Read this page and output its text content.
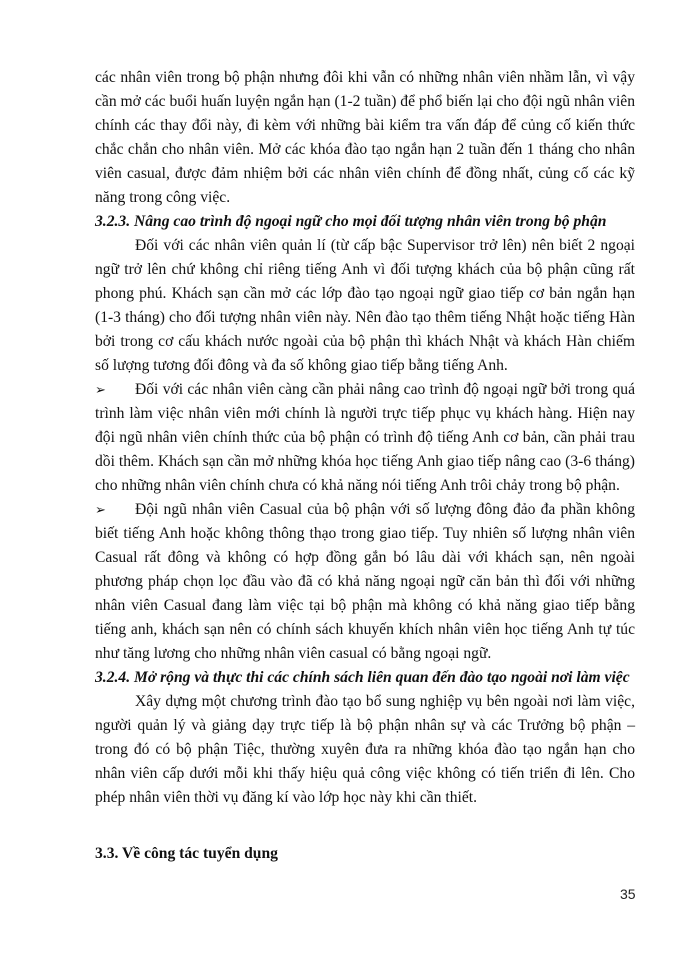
các nhân viên trong bộ phận nhưng đôi khi vẫn có những nhân viên nhầm lẫn, vì vậy cần mở các buổi huấn luyện ngắn hạn (1-2 tuần) để phổ biến lại cho đội ngũ nhân viên chính các thay đổi này, đi kèm với những bài kiểm tra vấn đáp để củng cố kiến thức chắc chắn cho nhân viên. Mở các khóa đào tạo ngắn hạn 2 tuần đến 1 tháng cho nhân viên casual, được đảm nhiệm bởi các nhân viên chính để đồng nhất, củng cố các kỹ năng trong công việc.

3.2.3. Nâng cao trình độ ngoại ngữ cho mọi đối tượng nhân viên trong bộ phận

Đối với các nhân viên quản lí (từ cấp bậc Supervisor trở lên) nên biết 2 ngoại ngữ trở lên chứ không chỉ riêng tiếng Anh vì đối tượng khách của bộ phận cũng rất phong phú. Khách sạn cần mở các lớp đào tạo ngoại ngữ giao tiếp cơ bản ngắn hạn (1-3 tháng) cho đối tượng nhân viên này. Nên đào tạo thêm tiếng Nhật hoặc tiếng Hàn bởi trong cơ cấu khách nước ngoài của bộ phận thì khách Nhật và khách Hàn chiếm số lượng tương đối đông và đa số không giao tiếp bằng tiếng Anh.

➢	Đối với các nhân viên càng cần phải nâng cao trình độ ngoại ngữ bởi trong quá trình làm việc nhân viên mới chính là người trực tiếp phục vụ khách hàng. Hiện nay đội ngũ nhân viên chính thức của bộ phận có trình độ tiếng Anh cơ bản, cần phải trau dồi thêm. Khách sạn cần mở những khóa học tiếng Anh giao tiếp nâng cao (3-6 tháng) cho những nhân viên chính chưa có khả năng nói tiếng Anh trôi chảy trong bộ phận.
➢	Đội ngũ nhân viên Casual của bộ phận với số lượng đông đảo đa phần không biết tiếng Anh hoặc không thông thạo trong giao tiếp. Tuy nhiên số lượng nhân viên Casual rất đông và không có hợp đồng gắn bó lâu dài với khách sạn, nên ngoài phương pháp chọn lọc đầu vào đã có khả năng ngoại ngữ căn bản thì đối với những nhân viên Casual đang làm việc tại bộ phận mà không có khả năng giao tiếp bằng tiếng anh, khách sạn nên có chính sách khuyến khích nhân viên học tiếng Anh tự túc như tăng lương cho những nhân viên casual có bằng ngoại ngữ.

3.2.4. Mở rộng và thực thi các chính sách liên quan đến đào tạo ngoài nơi làm việc

Xây dựng một chương trình đào tạo bổ sung nghiệp vụ bên ngoài nơi làm việc, người quản lý và giảng dạy trực tiếp là bộ phận nhân sự và các Trưởng bộ phận – trong đó có bộ phận Tiệc, thường xuyên đưa ra những khóa đào tạo ngắn hạn cho nhân viên cấp dưới mỗi khi thấy hiệu quả công việc không có tiến triển đi lên. Cho phép nhân viên thời vụ đăng kí vào lớp học này khi cần thiết.

3.3. Về công tác tuyển dụng

35
